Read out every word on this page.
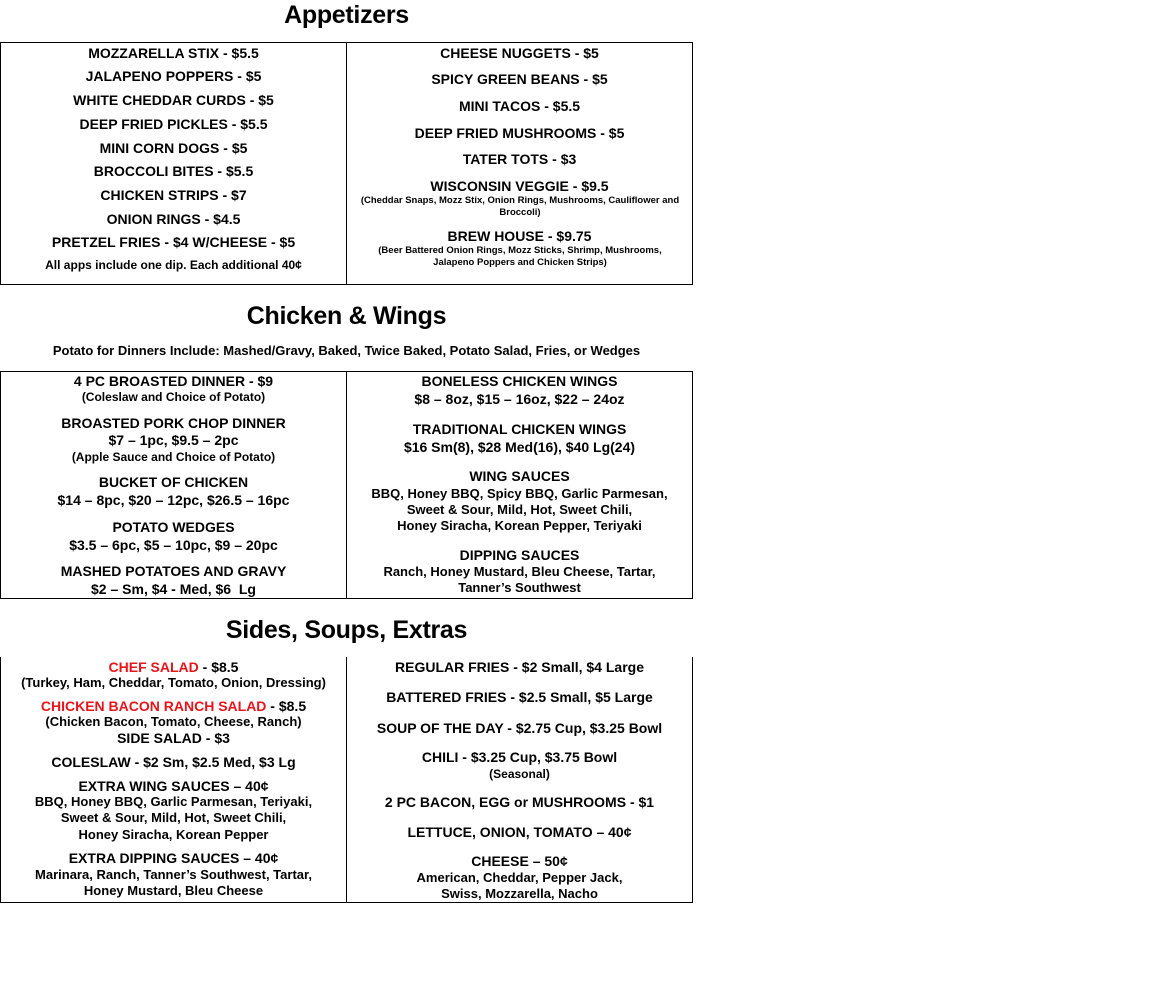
Appetizers
MOZZARELLA STIX - $5.5
JALAPENO POPPERS - $5
WHITE CHEDDAR CURDS - $5
DEEP FRIED PICKLES - $5.5
MINI CORN DOGS - $5
BROCCOLI BITES - $5.5
CHICKEN STRIPS - $7
ONION RINGS - $4.5
PRETZEL FRIES - $4 W/CHEESE - $5
All apps include one dip. Each additional 40¢
CHEESE NUGGETS - $5
SPICY GREEN BEANS - $5
MINI TACOS - $5.5
DEEP FRIED MUSHROOMS - $5
TATER TOTS - $3
WISCONSIN VEGGIE - $9.5
(Cheddar Snaps, Mozz Stix, Onion Rings, Mushrooms, Cauliflower and Broccoli)
BREW HOUSE - $9.75
(Beer Battered Onion Rings, Mozz Sticks, Shrimp, Mushrooms, Jalapeno Poppers and Chicken Strips)
Chicken & Wings
Potato for Dinners Include: Mashed/Gravy, Baked, Twice Baked, Potato Salad, Fries, or Wedges
4 PC BROASTED DINNER - $9
(Coleslaw and Choice of Potato)
BROASTED PORK CHOP DINNER
$7 – 1pc, $9.5 – 2pc
(Apple Sauce and Choice of Potato)
BUCKET OF CHICKEN
$14 – 8pc, $20 – 12pc, $26.5 – 16pc
POTATO WEDGES
$3.5 – 6pc, $5 – 10pc, $9 – 20pc
MASHED POTATOES AND GRAVY
$2 – Sm, $4 - Med, $6  Lg
BONELESS CHICKEN WINGS
$8 – 8oz, $15 – 16oz, $22 – 24oz
TRADITIONAL CHICKEN WINGS
$16 Sm(8), $28 Med(16), $40 Lg(24)
WING SAUCES
BBQ, Honey BBQ, Spicy BBQ, Garlic Parmesan,
Sweet & Sour, Mild, Hot, Sweet Chili,
Honey Siracha, Korean Pepper, Teriyaki
DIPPING SAUCES
Ranch, Honey Mustard, Bleu Cheese, Tartar,
Tanner’s Southwest
Sides, Soups, Extras
CHEF SALAD - $8.5
(Turkey, Ham, Cheddar, Tomato, Onion, Dressing)
CHICKEN BACON RANCH SALAD - $8.5
(Chicken Bacon, Tomato, Cheese, Ranch)
SIDE SALAD - $3
COLESLAW - $2 Sm, $2.5 Med, $3 Lg
EXTRA WING SAUCES – 40¢
BBQ, Honey BBQ, Garlic Parmesan, Teriyaki,
Sweet & Sour, Mild, Hot, Sweet Chili,
Honey Siracha, Korean Pepper
EXTRA DIPPING SAUCES – 40¢
Marinara, Ranch, Tanner’s Southwest, Tartar,
Honey Mustard, Bleu Cheese
REGULAR FRIES - $2 Small, $4 Large
BATTERED FRIES - $2.5 Small, $5 Large
SOUP OF THE DAY - $2.75 Cup, $3.25 Bowl
CHILI - $3.25 Cup, $3.75 Bowl
(Seasonal)
2 PC BACON, EGG or MUSHROOMS - $1
LETTUCE, ONION, TOMATO – 40¢
CHEESE – 50¢
American, Cheddar, Pepper Jack,
Swiss, Mozzarella, Nacho
